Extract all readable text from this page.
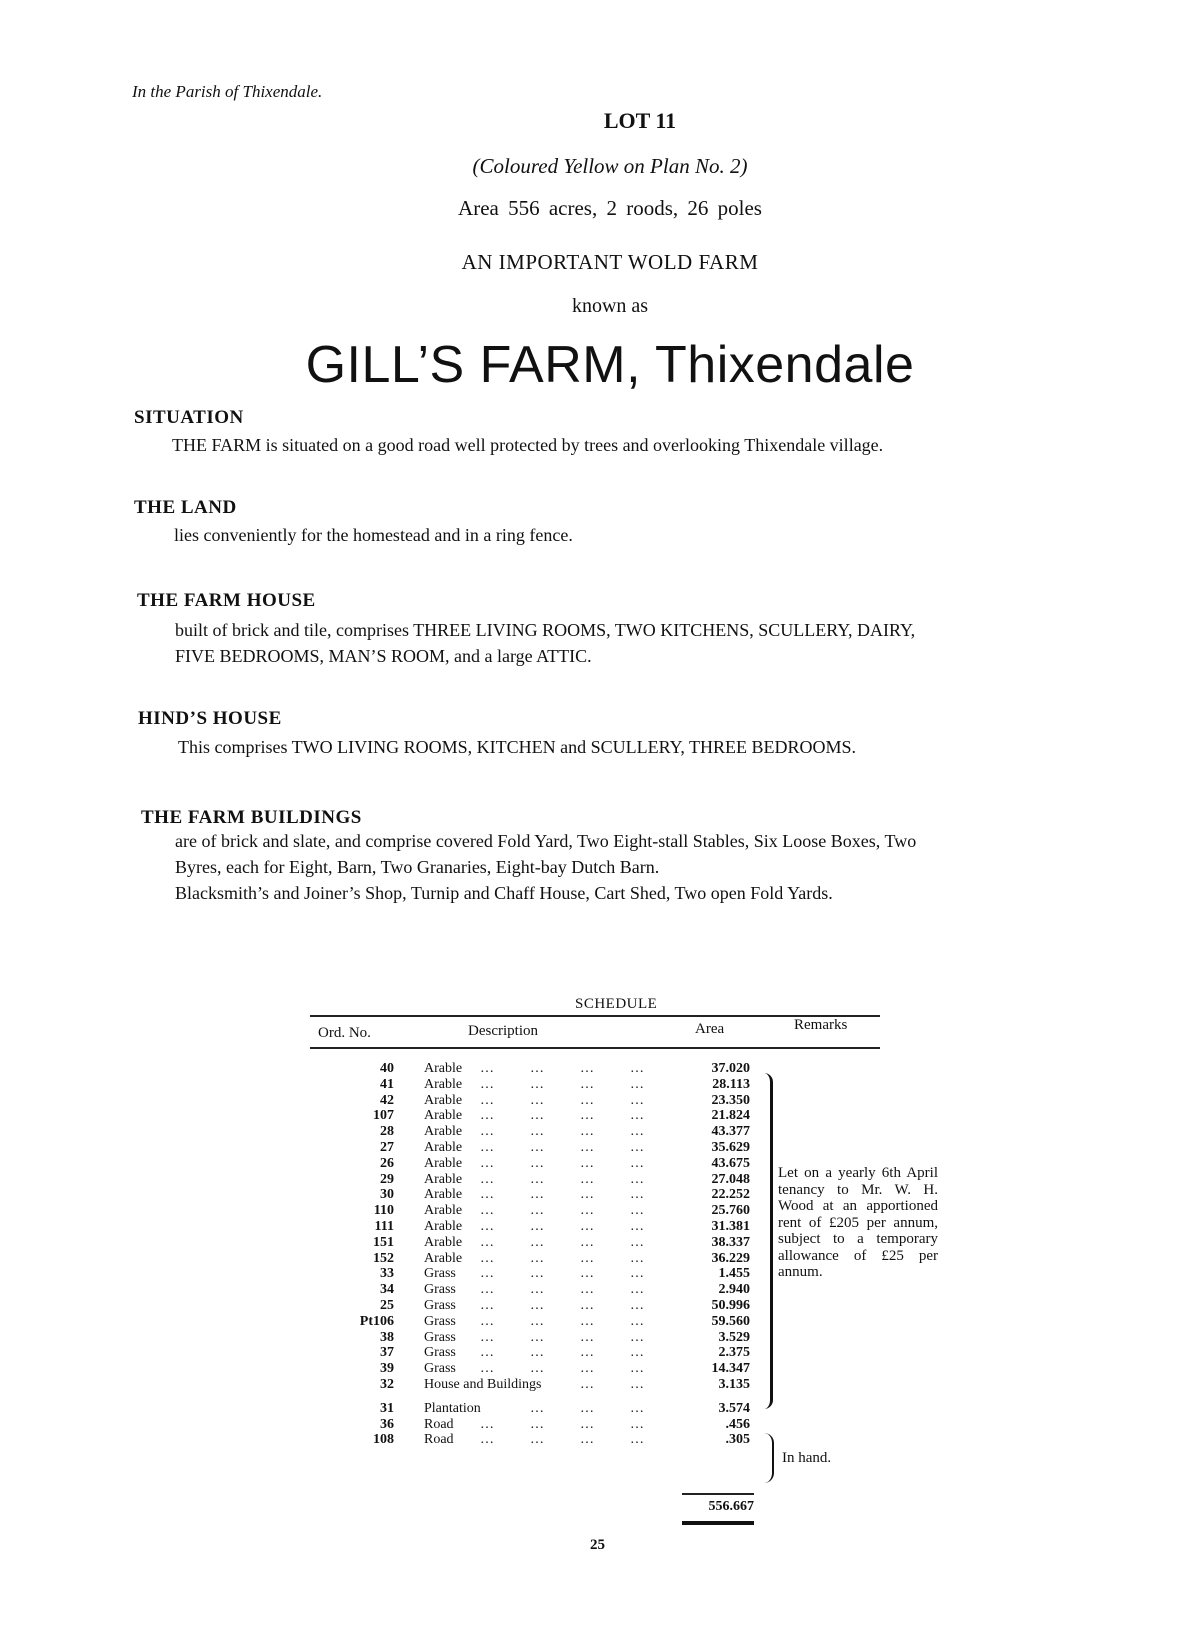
In the Parish of Thixendale.
LOT 11
(Coloured Yellow on Plan No. 2)
Area 556 acres, 2 roods, 26 poles
AN IMPORTANT WOLD FARM
known as
GILL’S FARM, Thixendale
SITUATION

THE FARM is situated on a good road well protected by trees and overlooking Thixendale village.

THE LAND

lies conveniently for the homestead and in a ring fence.

THE FARM HOUSE

built of brick and tile, comprises THREE LIVING ROOMS, TWO KITCHENS, SCULLERY, DAIRY,

FIVE BEDROOMS, MAN’S ROOM, and a large ATTIC.

HIND’S HOUSE

This comprises TWO LIVING ROOMS, KITCHEN and SCULLERY, THREE BEDROOMS.

THE FARM BUILDINGS

are of brick and slate, and comprise covered Fold Yard, Two Eight-stall Stables, Six Loose Boxes, Two

Byres, each for Eight, Barn, Two Granaries, Eight-bay Dutch Barn.

Blacksmith’s and Joiner’s Shop, Turnip and Chaff House, Cart Shed, Two open Fold Yards.

SCHEDULE
Ord. No.	Description	Area	Remarks
40 Arable …	…	…	…	37.020
41 Arable …	…	…	…	28.113
42 Arable …	…	…	…	23.350
107 Arable …	…	…	…	21.824
28 Arable …	…	…	…	43.377
27 Arable …	…	…	…	35.629
26 Arable …	…	…	…	43.675
29 Arable …	…	…	…	27.048
30 Arable …	…	…	…	22.252
110 Arable …	…	…	…	25.760
111 Arable …	…	…	…	31.381
151 Arable …	…	…	…	38.337
152 Arable …	…	…	…	36.229
33 Grass …	…	…	…	1.455
34 Grass …	…	…	…	2.940
25 Grass …	…	…	…	50.996
Pt106 Grass …	…	…	…	59.560
38 Grass …	…	…	…	3.529
37 Grass …	…	…	…	2.375
39 Grass …	…	…	…	14.347
32 House and Buildings	…	…	3.135
31 Plantation	…	…	…	3.574
36 Road …	…	…	…	.456
108 Road …	…	…	…	.305
Let on a yearly 6th April tenancy to Mr. W. H. Wood at an apportioned rent of £205 per annum, subject to a temporary allowance of £25 per annum.
In hand.
556.667
25
